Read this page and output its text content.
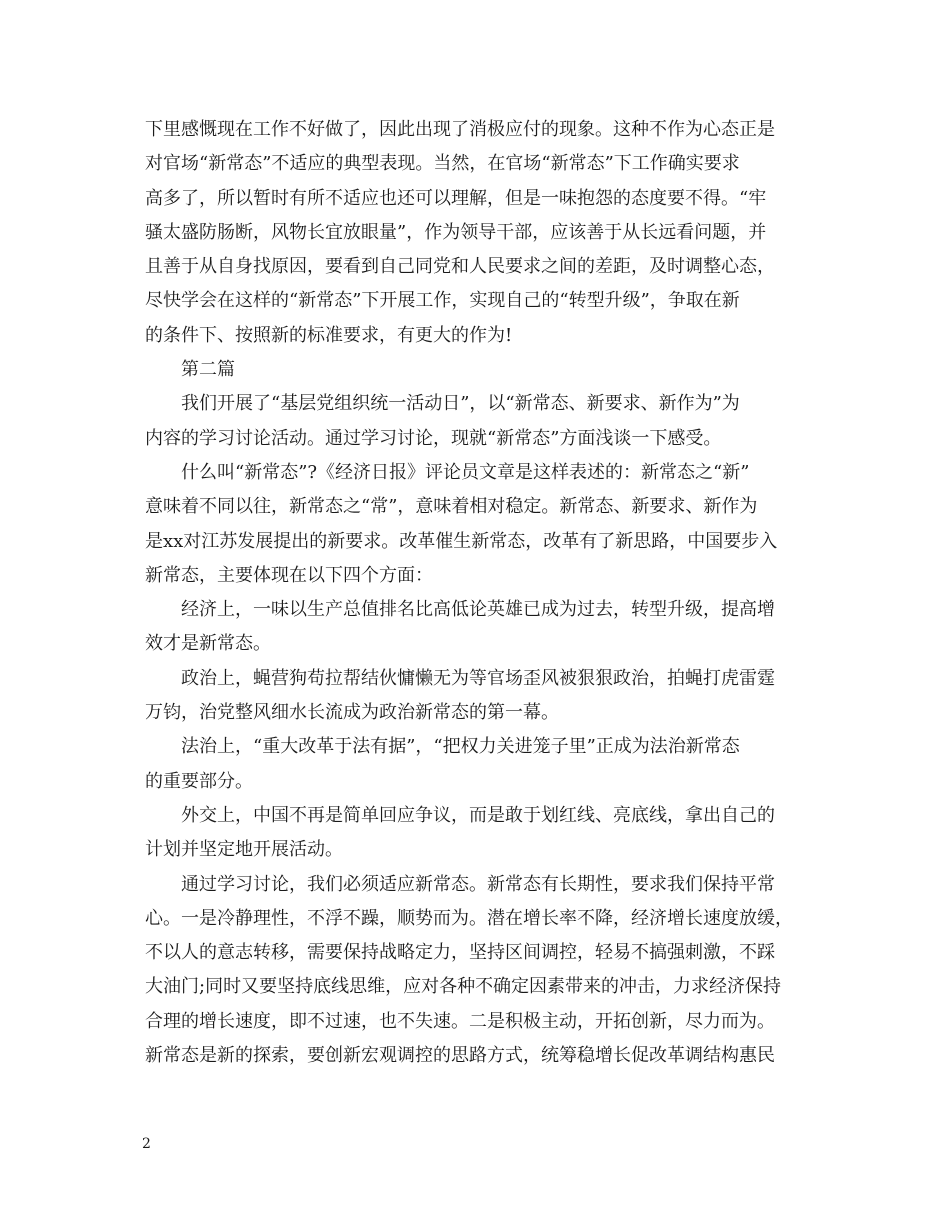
下里感慨现在工作不好做了，因此出现了消极应付的现象。这种不作为心态正是
对官场“新常态”不适应的典型表现。当然，在官场“新常态”下工作确实要求
高多了，所以暂时有所不适应也还可以理解，但是一味抱怨的态度要不得。“牢
骚太盛防肠断，风物长宜放眼量”，作为领导干部，应该善于从长远看问题，并
且善于从自身找原因，要看到自己同党和人民要求之间的差距，及时调整心态，
尽快学会在这样的“新常态”下开展工作，实现自己的“转型升级”，争取在新
的条件下、按照新的标准要求，有更大的作为!
第二篇
我们开展了“基层党组织统一活动日”，以“新常态、新要求、新作为”为
内容的学习讨论活动。通过学习讨论，现就“新常态”方面浅谈一下感受。
什么叫“新常态”?《经济日报》评论员文章是这样表述的：新常态之“新”
意味着不同以往，新常态之“常”，意味着相对稳定。新常态、新要求、新作为
是xx对江苏发展提出的新要求。改革催生新常态，改革有了新思路，中国要步入
新常态，主要体现在以下四个方面：
经济上，一味以生产总值排名比高低论英雄已成为过去，转型升级，提高增
效才是新常态。
政治上，蝇营狗苟拉帮结伙慵懒无为等官场歪风被狠狠政治，拍蝇打虎雷霆
万钧，治党整风细水长流成为政治新常态的第一幕。
法治上，“重大改革于法有据”，“把权力关进笼子里”正成为法治新常态
的重要部分。
外交上，中国不再是简单回应争议，而是敢于划红线、亮底线，拿出自己的
计划并坚定地开展活动。
通过学习讨论，我们必须适应新常态。新常态有长期性，要求我们保持平常
心。一是冷静理性，不浮不躁，顺势而为。潜在增长率不降，经济增长速度放缓，
不以人的意志转移，需要保持战略定力，坚持区间调控，轻易不搞强刺激，不踩
大油门;同时又要坚持底线思维，应对各种不确定因素带来的冲击，力求经济保持
合理的增长速度，即不过速，也不失速。二是积极主动，开拓创新，尽力而为。
新常态是新的探索，要创新宏观调控的思路方式，统筹稳增长促改革调结构惠民
2
